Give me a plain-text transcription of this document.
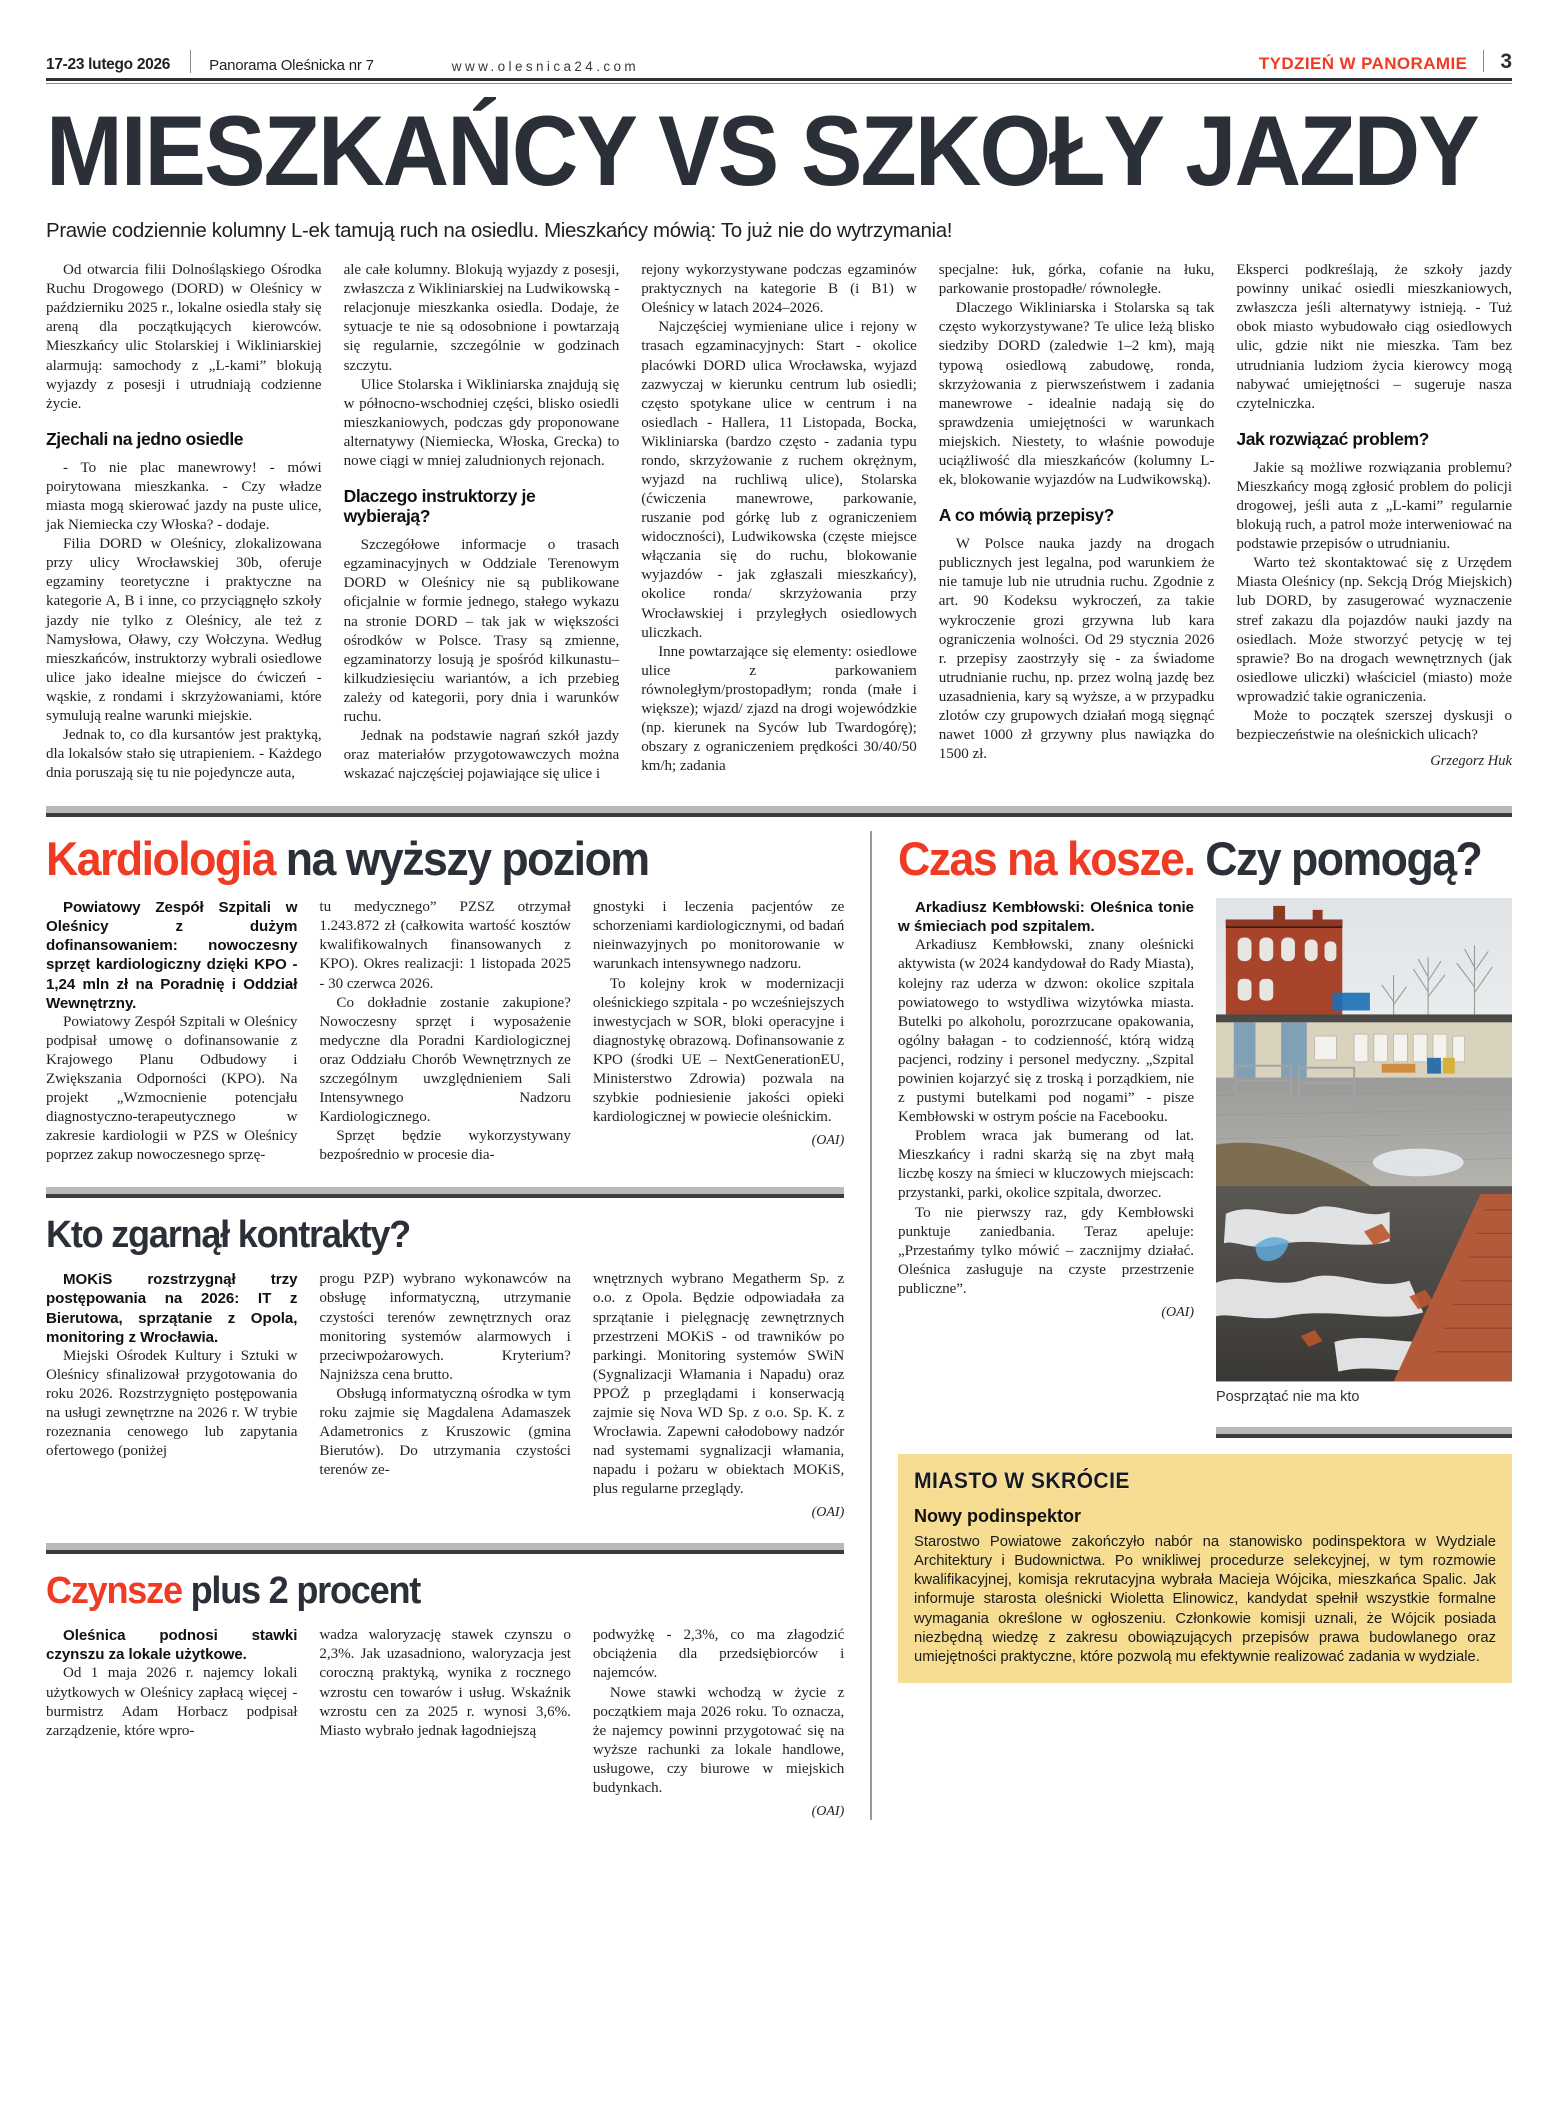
17-23 lutego 2026	Panorama Oleśnicka nr 7	www.olesnica24.com	TYDZIEŃ W PANORAMIE 3
MIESZKAŃCY VS SZKOŁY JAZDY
Prawie codziennie kolumny L-ek tamują ruch na osiedlu. Mieszkańcy mówią: To już nie do wytrzymania!

Od otwarcia filii Dolnośląskiego Ośrodka Ruchu Drogowego (DORD) w Oleśnicy w październiku 2025 r., lokalne osiedla stały się areną dla początkujących kierowców. Mieszkańcy ulic Stolarskiej i Wikliniarskiej alarmują: samochody z „L-kami” blokują wyjazdy z posesji i utrudniają codzienne życie.

Zjechali na jedno osiedle

- To nie plac manewrowy! - mówi poirytowana mieszkanka. - Czy władze miasta mogą skierować jazdy na puste ulice, jak Niemiecka czy Włoska? - dodaje.

Filia DORD w Oleśnicy, zlokalizowana przy ulicy Wrocławskiej 30b, oferuje egzaminy teoretyczne i praktyczne na kategorie A, B i inne, co przyciągnęło szkoły jazdy nie tylko z Oleśnicy, ale też z Namysłowa, Oławy, czy Wołczyna. Według mieszkańców, instruktorzy wybrali osiedlowe ulice jako idealne miejsce do ćwiczeń - wąskie, z rondami i skrzyżowaniami, które symulują realne warunki miejskie.

Jednak to, co dla kursantów jest praktyką, dla lokalsów stało się utrapieniem. - Każdego dnia poruszają się tu nie pojedyncze auta,

ale całe kolumny. Blokują wyjazdy z posesji, zwłaszcza z Wikliniarskiej na Ludwikowską - relacjonuje mieszkanka osiedla. Dodaje, że sytuacje te nie są odosobnione i powtarzają się regularnie, szczególnie w godzinach szczytu.

Ulice Stolarska i Wikliniarska znajdują się w północno-wschodniej części, blisko osiedli mieszkaniowych, podczas gdy proponowane alternatywy (Niemiecka, Włoska, Grecka) to nowe ciągi w mniej zaludnionych rejonach.

Dlaczego instruktorzy je wybierają?

Szczegółowe informacje o trasach egzaminacyjnych w Oddziale Terenowym DORD w Oleśnicy nie są publikowane oficjalnie w formie jednego, stałego wykazu na stronie DORD – tak jak w większości ośrodków w Polsce. Trasy są zmienne, egzaminatorzy losują je spośród kilkunastu–kilkudziesięciu wariantów, a ich przebieg zależy od kategorii, pory dnia i warunków ruchu.

Jednak na podstawie nagrań szkół jazdy oraz materiałów przygotowawczych można wskazać najczęściej pojawiające się ulice i

rejony wykorzystywane podczas egzaminów praktycznych na kategorie B (i B1) w Oleśnicy w latach 2024–2026.

Najczęściej wymieniane ulice i rejony w trasach egzaminacyjnych: Start - okolice placówki DORD ulica Wrocławska, wyjazd zazwyczaj w kierunku centrum lub osiedli; często spotykane ulice w centrum i na osiedlach - Hallera, 11 Listopada, Bocka, Wikliniarska (bardzo często - zadania typu rondo, skrzyżowanie z ruchem okrężnym, wyjazd na ruchliwą ulice), Stolarska (ćwiczenia manewrowe, parkowanie, ruszanie pod górkę lub z ograniczeniem widoczności), Ludwikowska (częste miejsce włączania się do ruchu, blokowanie wyjazdów - jak zgłaszali mieszkańcy), okolice ronda/ skrzyżowania przy Wrocławskiej i przyległych osiedlowych uliczkach.

Inne powtarzające się elementy: osiedlowe ulice z parkowaniem równoległym/prostopadłym; ronda (małe i większe); wjazd/ zjazd na drogi wojewódzkie (np. kierunek na Syców lub Twardogórę); obszary z ograniczeniem prędkości 30/40/50 km/h; zadania

specjalne: łuk, górka, cofanie na łuku, parkowanie prostopadłe/ równoległe.

Dlaczego Wikliniarska i Stolarska są tak często wykorzystywane? Te ulice leżą blisko siedziby DORD (zaledwie 1–2 km), mają typową osiedlową zabudowę, ronda, skrzyżowania z pierwszeństwem i zadania manewrowe - idealnie nadają się do sprawdzenia umiejętności w warunkach miejskich. Niestety, to właśnie powoduje uciążliwość dla mieszkańców (kolumny L-ek, blokowanie wyjazdów na Ludwikowską).

A co mówią przepisy?

W Polsce nauka jazdy na drogach publicznych jest legalna, pod warunkiem że nie tamuje lub nie utrudnia ruchu. Zgodnie z art. 90 Kodeksu wykroczeń, za takie wykroczenie grozi grzywna lub kara ograniczenia wolności. Od 29 stycznia 2026 r. przepisy zaostrzyły się - za świadome utrudnianie ruchu, np. przez wolną jazdę bez uzasadnienia, kary są wyższe, a w przypadku zlotów czy grupowych działań mogą sięgnąć nawet 1000 zł grzywny plus nawiązka do 1500 zł.

Eksperci podkreślają, że szkoły jazdy powinny unikać osiedli mieszkaniowych, zwłaszcza jeśli alternatywy istnieją. - Tuż obok miasto wybudowało ciąg osiedlowych ulic, gdzie nikt nie mieszka. Tam bez utrudniania ludziom życia kierowcy mogą nabywać umiejętności – sugeruje nasza czytelniczka.

Jak rozwiązać problem?

Jakie są możliwe rozwiązania problemu? Mieszkańcy mogą zgłosić problem do policji drogowej, jeśli auta z „L-kami” regularnie blokują ruch, a patrol może interweniować na podstawie przepisów o utrudnianiu.

Warto też skontaktować się z Urzędem Miasta Oleśnicy (np. Sekcją Dróg Miejskich) lub DORD, by zasugerować wyznaczenie stref zakazu dla pojazdów nauki jazdy na osiedlach. Może stworzyć petycję w tej sprawie? Bo na drogach wewnętrznych (jak osiedlowe uliczki) właściciel (miasto) może wprowadzić takie ograniczenia.

Może to początek szerszej dyskusji o bezpieczeństwie na oleśnickich ulicach?

Grzegorz Huk
Kardiologia na wyższy poziom

Powiatowy Zespół Szpitali w Oleśnicy z dużym dofinansowaniem: nowoczesny sprzęt kardiologiczny dzięki KPO - 1,24 mln zł na Poradnię i Oddział Wewnętrzny.

Powiatowy Zespół Szpitali w Oleśnicy podpisał umowę o dofinansowanie z Krajowego Planu Odbudowy i Zwiększania Odporności (KPO). Na projekt „Wzmocnienie potencjału diagnostyczno-terapeutycznego w zakresie kardiologii w PZS w Oleśnicy poprzez zakup nowoczesnego sprzę-

tu medycznego” PZSZ otrzymał 1.243.872 zł (całkowita wartość kosztów kwalifikowalnych finansowanych z KPO). Okres realizacji: 1 listopada 2025 - 30 czerwca 2026.

Co dokładnie zostanie zakupione? Nowoczesny sprzęt i wyposażenie medyczne dla Poradni Kardiologicznej oraz Oddziału Chorób Wewnętrznych ze szczególnym uwzględnieniem Sali Intensywnego Nadzoru Kardiologicznego.

Sprzęt będzie wykorzystywany bezpośrednio w procesie dia-

gnostyki i leczenia pacjentów ze schorzeniami kardiologicznymi, od badań nieinwazyjnych po monitorowanie w warunkach intensywnego nadzoru.

To kolejny krok w modernizacji oleśnickiego szpitala - po wcześniejszych inwestycjach w SOR, bloki operacyjne i diagnostykę obrazową. Dofinansowanie z KPO (środki UE – NextGenerationEU, Ministerstwo Zdrowia) pozwala na szybkie podniesienie jakości opieki kardiologicznej w powiecie oleśnickim.

(OAI)
Kto zgarnął kontrakty?

MOKiS rozstrzygnął trzy postępowania na 2026: IT z Bierutowa, sprzątanie z Opola, monitoring z Wrocławia.

Miejski Ośrodek Kultury i Sztuki w Oleśnicy sfinalizował przygotowania do roku 2026. Rozstrzygnięto postępowania na usługi zewnętrzne na 2026 r. W trybie rozeznania cenowego lub zapytania ofertowego (poniżej

progu PZP) wybrano wykonawców na obsługę informatyczną, utrzymanie czystości terenów zewnętrznych oraz monitoring systemów alarmowych i przeciwpożarowych. Kryterium? Najniższa cena brutto.

Obsługą informatyczną ośrodka w tym roku zajmie się Magdalena Adamaszek Adametronics z Kruszowic (gmina Bierutów). Do utrzymania czystości terenów ze-

wnętrznych wybrano Megatherm Sp. z o.o. z Opola. Będzie odpowiadała za sprzątanie i pielęgnację zewnętrznych przestrzeni MOKiS - od trawników po parkingi. Monitoring systemów SWiN (Sygnalizacji Włamania i Napadu) oraz PPOŻ p przeglądami i konserwacją zajmie się Nova WD Sp. z o.o. Sp. K. z Wrocławia. Zapewni całodobowy nadzór nad systemami sygnalizacji włamania, napadu i pożaru w obiektach MOKiS, plus regularne przeglądy.

(OAI)
Czynsze plus 2 procent

Oleśnica podnosi stawki czynszu za lokale użytkowe.

Od 1 maja 2026 r. najemcy lokali użytkowych w Oleśnicy zapłacą więcej - burmistrz Adam Horbacz podpisał zarządzenie, które wpro-

wadza waloryzację stawek czynszu o 2,3%. Jak uzasadniono, waloryzacja jest coroczną praktyką, wynika z rocznego wzrostu cen towarów i usług. Wskaźnik wzrostu cen za 2025 r. wynosi 3,6%. Miasto wybrało jednak łagodniejszą

podwyżkę - 2,3%, co ma złagodzić obciążenia dla przedsiębiorców i najemców.

Nowe stawki wchodzą w życie z początkiem maja 2026 roku. To oznacza, że najemcy powinni przygotować się na wyższe rachunki za lokale handlowe, usługowe, czy biurowe w miejskich budynkach.

(OAI)
Czas na kosze. Czy pomogą?

Arkadiusz Kembłowski: Oleśnica tonie w śmieciach pod szpitalem.

Arkadiusz Kembłowski, znany oleśnicki aktywista (w 2024 kandydował do Rady Miasta), kolejny raz uderza w dzwon: okolice szpitala powiatowego to wstydliwa wizytówka miasta. Butelki po alkoholu, porozrzucane opakowania, ogólny bałagan - to codzienność, którą widzą pacjenci, rodziny i personel medyczny. „Szpital powinien kojarzyć się z troską i porządkiem, nie z pustymi butelkami pod nogami” - pisze Kembłowski w ostrym poście na Facebooku.

Problem wraca jak bumerang od lat. Mieszkańcy i radni skarżą się na zbyt małą liczbę koszy na śmieci w kluczowych miejscach: przystanki, parki, okolice szpitala, dworzec.

To nie pierwszy raz, gdy Kembłowski punktuje zaniedbania. Teraz apeluje: „Przestańmy tylko mówić – zacznijmy działać. Oleśnica zasługuje na czyste przestrzenie publiczne”.

(OAI)
Posprzątać nie ma kto
MIASTO W SKRÓCIE
Nowy podinspektor
Starostwo Powiatowe zakończyło nabór na stanowisko podinspektora w Wydziale Architektury i Budownictwa. Po wnikliwej procedurze selekcyjnej, w tym rozmowie kwalifikacyjnej, komisja rekrutacyjna wybrała Macieja Wójcika, mieszkańca Spalic. Jak informuje starosta oleśnicki Wioletta Elinowicz, kandydat spełnił wszystkie formalne wymagania określone w ogłoszeniu. Członkowie komisji uznali, że Wójcik posiada niezbędną wiedzę z zakresu obowiązujących przepisów prawa budowlanego oraz umiejętności praktyczne, które pozwolą mu efektywnie realizować zadania w wydziale.
